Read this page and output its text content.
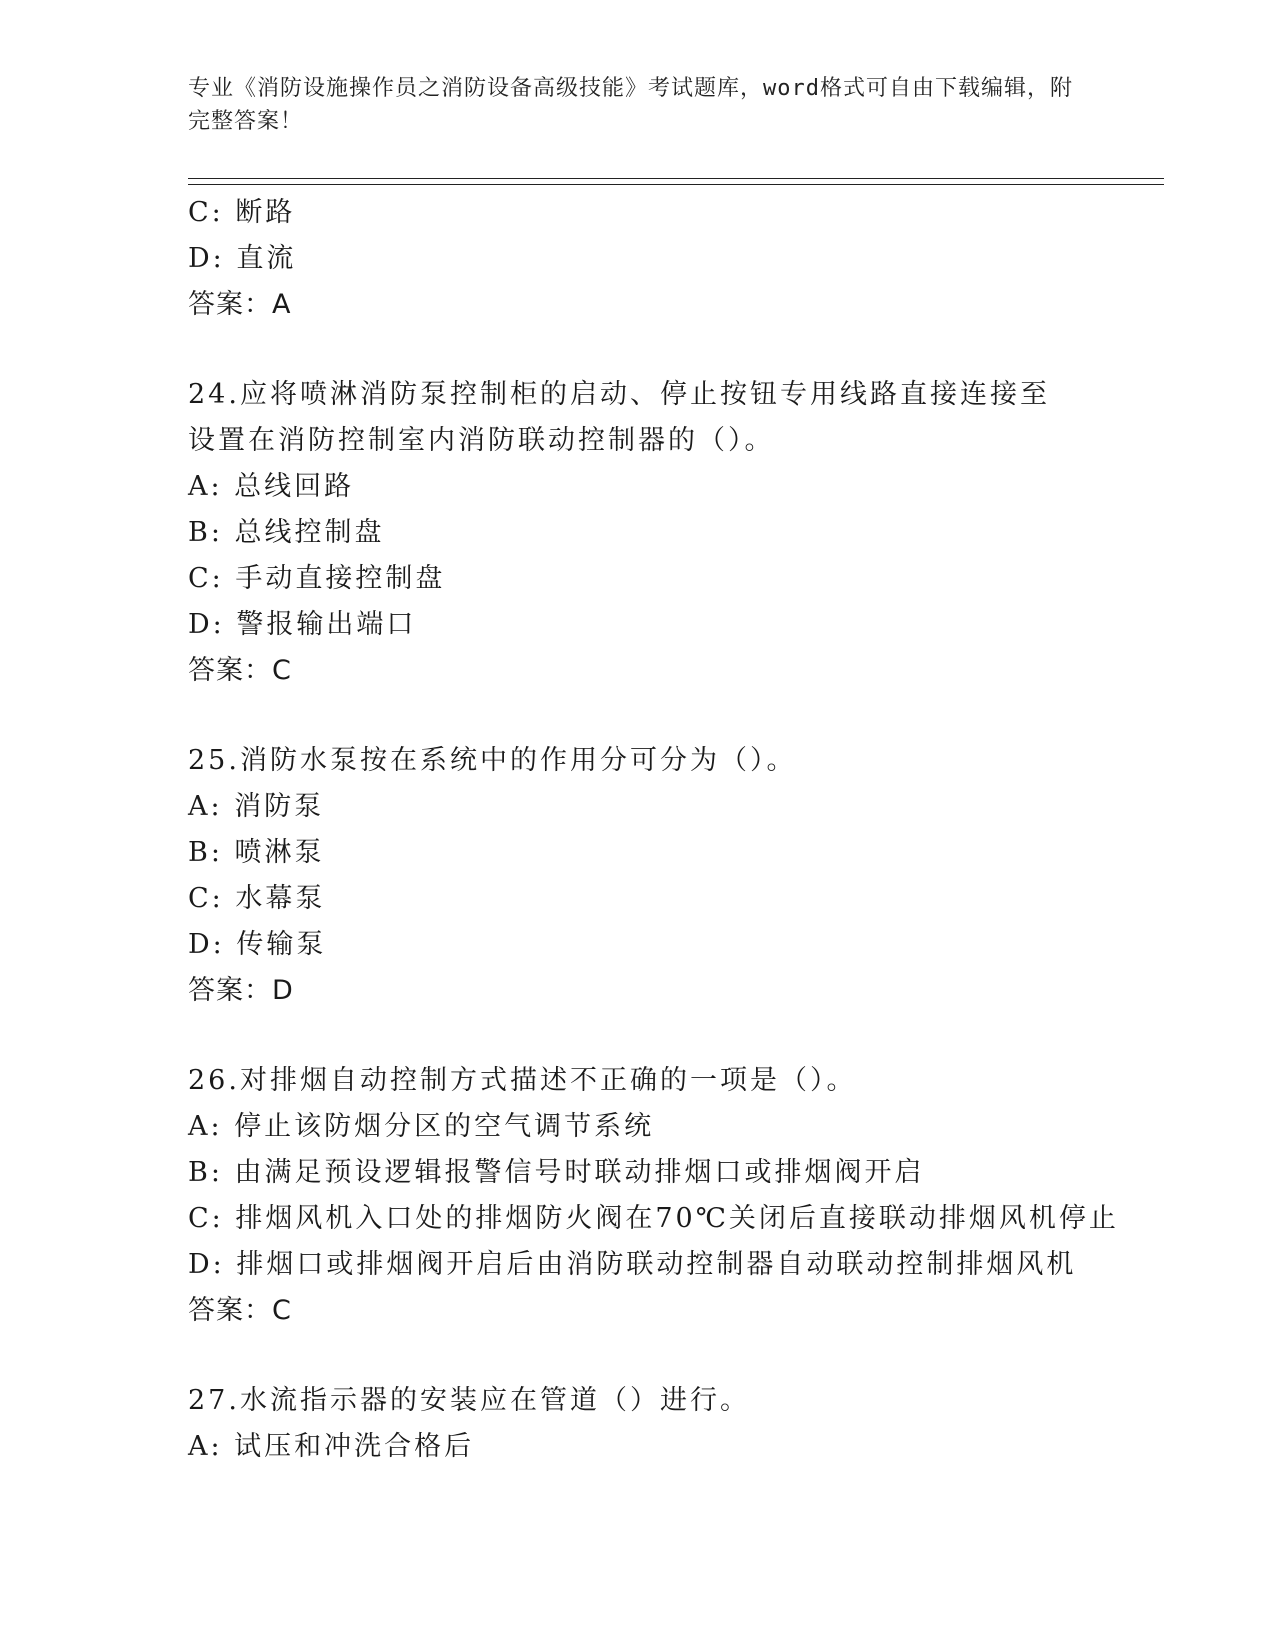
专业《消防设施操作员之消防设备高级技能》考试题库，word格式可自由下载编辑，附完整答案！
C: 断路
D: 直流
答案：A
24.应将喷淋消防泵控制柜的启动、停止按钮专用线路直接连接至设置在消防控制室内消防联动控制器的（）。
A: 总线回路
B: 总线控制盘
C: 手动直接控制盘
D: 警报输出端口
答案：C
25.消防水泵按在系统中的作用分可分为（）。
A: 消防泵
B: 喷淋泵
C: 水幕泵
D: 传输泵
答案：D
26.对排烟自动控制方式描述不正确的一项是（）。
A: 停止该防烟分区的空气调节系统
B: 由满足预设逻辑报警信号时联动排烟口或排烟阀开启
C: 排烟风机入口处的排烟防火阀在70℃关闭后直接联动排烟风机停止
D: 排烟口或排烟阀开启后由消防联动控制器自动联动控制排烟风机
答案：C
27.水流指示器的安装应在管道（）进行。
A: 试压和冲洗合格后
